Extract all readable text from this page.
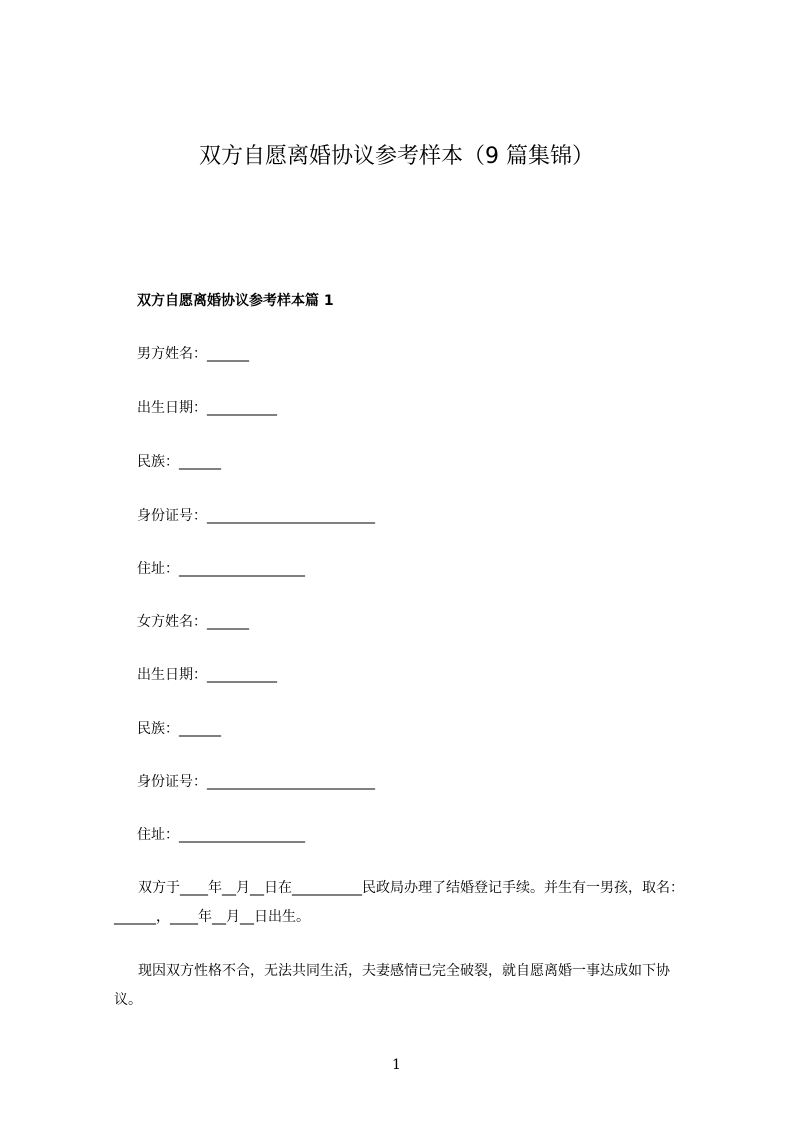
双方自愿离婚协议参考样本（9 篇集锦）
双方自愿离婚协议参考样本篇 1
男方姓名：______
出生日期：__________
民族：______
身份证号：________________________
住址：__________________
女方姓名：______
出生日期：__________
民族：______
身份证号：________________________
住址：__________________
双方于____年__月__日在__________民政局办理了结婚登记手续。并生有一男孩，取名：______，____年__月__日出生。
现因双方性格不合，无法共同生活，夫妻感情已完全破裂，就自愿离婚一事达成如下协议。
1
